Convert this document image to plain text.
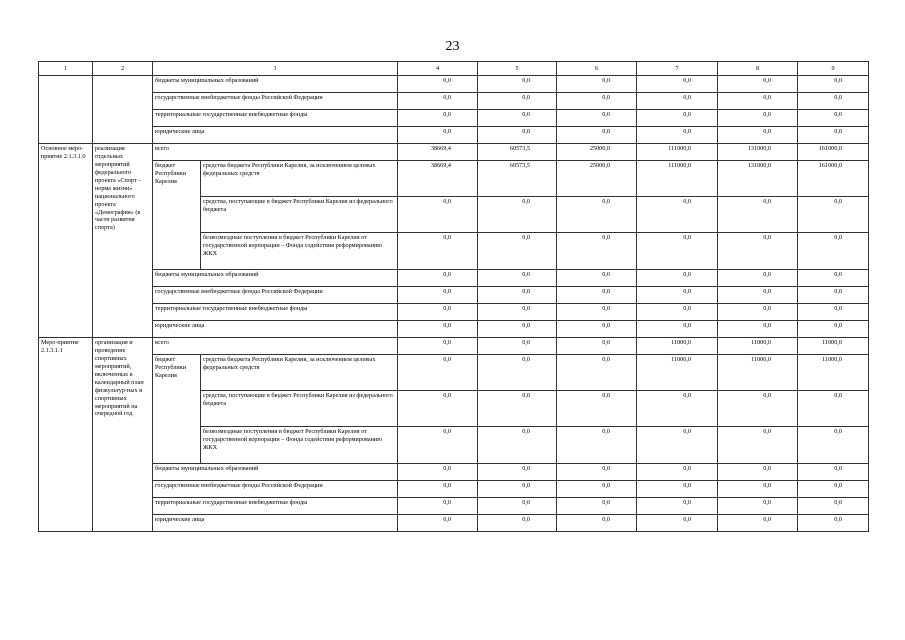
23
1	2	3		4	5	6	7	8	9
		бюджеты муниципальных образований		0,0	0,0	0,0	0,0	0,0	0,0
		государственные внебюджетные фонды Российской Федерации		0,0	0,0	0,0	0,0	0,0	0,0
		территориальные государственные внебюджетные фонды		0,0	0,0	0,0	0,0	0,0	0,0
		юридические лица		0,0	0,0	0,0	0,0	0,0	0,0
Основное меро-приятие 2.1.3.1.0	реализация отдельных мероприятий федерального проекта «Спорт – норма жизни» национального проекта «Демография» (в части развития спорта)	всего		38669,4	60573,5	25000,0	111000,0	131000,0	161000,0
		бюджет Республики Карелия	средства бюджета Республики Карелия, за исключением целевых федеральных средств	38669,4	60573,5	25000,0	111000,0	131000,0	161000,0
			средства, поступающие в бюджет Республики Карелия из федерального бюджета	0,0	0,0	0,0	0,0	0,0	0,0
			безвозмездные поступления в бюджет Республики Карелия от государственной корпорации – Фонда содействия реформированию ЖКХ	0,0	0,0	0,0	0,0	0,0	0,0
		бюджеты муниципальных образований		0,0	0,0	0,0	0,0	0,0	0,0
		государственные внебюджетные фонды Российской Федерации		0,0	0,0	0,0	0,0	0,0	0,0
		территориальные государственные внебюджетные фонды		0,0	0,0	0,0	0,0	0,0	0,0
		юридические лица		0,0	0,0	0,0	0,0	0,0	0,0
Меро-приятие 2.1.3.1.1	организация и проведение спортивных мероприятий, включенных в календарный план физкультур-ных и спортивных мероприятий на очередной год	всего		0,0	0,0	0,0	11000,0	11000,0	11000,0
		бюджет Республики Карелия	средства бюджета Республики Карелия, за исключением целевых федеральных средств	0,0	0,0	0,0	11000,0	11000,0	11000,0
			средства, поступающие в бюджет Республики Карелия из федерального бюджета	0,0	0,0	0,0	0,0	0,0	0,0
			безвозмездные поступления в бюджет Республики Карелия от государственной корпорации – Фонда содействия реформированию ЖКХ	0,0	0,0	0,0	0,0	0,0	0,0
		бюджеты муниципальных образований		0,0	0,0	0,0	0,0	0,0	0,0
		государственные внебюджетные фонды Российской Федерации		0,0	0,0	0,0	0,0	0,0	0,0
		территориальные государственные внебюджетные фонды		0,0	0,0	0,0	0,0	0,0	0,0
		юридические лица		0,0	0,0	0,0	0,0	0,0	0,0
